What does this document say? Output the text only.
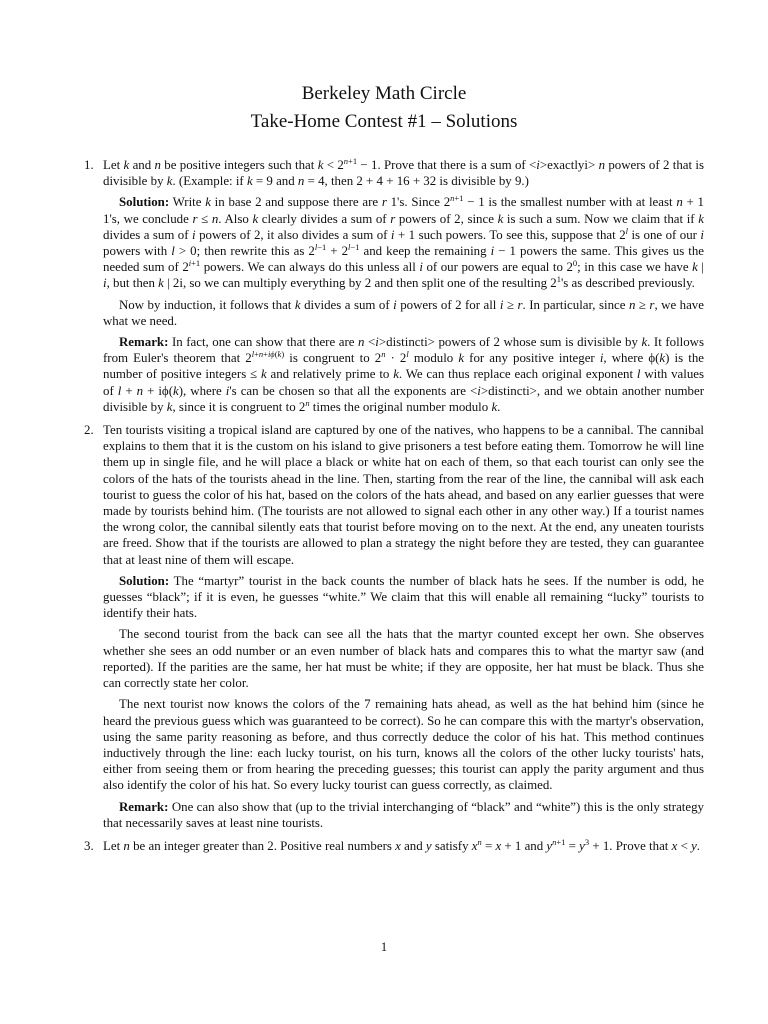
Berkeley Math Circle
Take-Home Contest #1 – Solutions
1. Let k and n be positive integers such that $k < 2^{n+1} - 1$. Prove that there is a sum of <i>exactlyi> n powers of 2 that is divisible by k. (Example: if k = 9 and n = 4, then 2 + 4 + 16 + 32 is divisible by 9.)

Solution: Write k in base 2 and suppose there are r 1's. Since $2^{n+1} - 1$ is the smallest number with at least n + 1 1's, we conclude r ≤ n. Also k clearly divides a sum of r powers of 2, since k is such a sum. Now we claim that if k divides a sum of i powers of 2, it also divides a sum of i + 1 such powers. To see this, suppose that 2$^l$ is one of our i powers with l > 0; then rewrite this as $2^{l-1} + 2^{l-1}$ and keep the remaining i − 1 powers the same. This gives us the needed sum of $2^{i+1}$ powers. We can always do this unless all i of our powers are equal to $2^0$; in this case we have k | i, but then k | 2i, so we can multiply everything by 2 and then split one of the resulting $2^1's$ as described previously.

Now by induction, it follows that k divides a sum of i powers of 2 for all i ≥ r. In particular, since n ≥ r, we have what we need.

Remark: In fact, one can show that there are n <i>distincti> powers of 2 whose sum is divisible by k. It follows from Euler's theorem that $2^{l+n+i\phi(k)}$ is congruent to $2^n \cdot 2^l$ modulo k for any positive integer i, where ϕ(k) is the number of positive integers ≤ k and relatively prime to k. We can thus replace each original exponent l with values of l + n + iϕ(k), where i's can be chosen so that all the exponents are <i>distincti>, and we obtain another number divisible by k, since it is congruent to 2$^n$ times the original number modulo k.

2. Ten tourists visiting a tropical island are captured by one of the natives, who happens to be a cannibal. The cannibal explains to them that it is the custom on his island to give prisoners a test before eating them. Tomorrow he will line them up in single file, and he will place a black or white hat on each of them, so that each tourist can only see the colors of the hats of the tourists ahead in the line. Then, starting from the rear of the line, the cannibal will ask each tourist to guess the color of his hat, based on the colors of the hats ahead, and based on any earlier guesses that were made by tourists behind him. (The tourists are not allowed to signal each other in any other way.) If a tourist names the wrong color, the cannibal silently eats that tourist before moving on to the next. At the end, any uneaten tourists are freed. Show that if the tourists are allowed to plan a strategy the night before they are tested, they can guarantee that at least nine of them will escape.

Solution: The “martyr” tourist in the back counts the number of black hats he sees. If the number is odd, he guesses “black”; if it is even, he guesses “white.” We claim that this will enable all remaining “lucky” tourists to identify their hats.

The second tourist from the back can see all the hats that the martyr counted except her own. She observes whether she sees an odd number or an even number of black hats and compares this to what the martyr saw (and reported). If the parities are the same, her hat must be white; if they are opposite, her hat must be black. Thus she can correctly state her color.

The next tourist now knows the colors of the 7 remaining hats ahead, as well as the hat behind him (since he heard the previous guess which was guaranteed to be correct). So he can compare this with the martyr's observation, using the same parity reasoning as before, and thus correctly deduce the color of his hat. This method continues inductively through the line: each lucky tourist, on his turn, knows all the colors of the other lucky tourists' hats, either from seeing them or from hearing the preceding guesses; this tourist can apply the parity argument and thus also identify the color of his hat. So every lucky tourist can guess correctly, as claimed.

Remark: One can also show that (up to the trivial interchanging of “black” and “white”) this is the only strategy that necessarily saves at least nine tourists.

3. Let n be an integer greater than 2. Positive real numbers x and y satisfy $x^n = x + 1$ and $y^{n+1} = y^3 + 1$. Prove that x < y.

1
